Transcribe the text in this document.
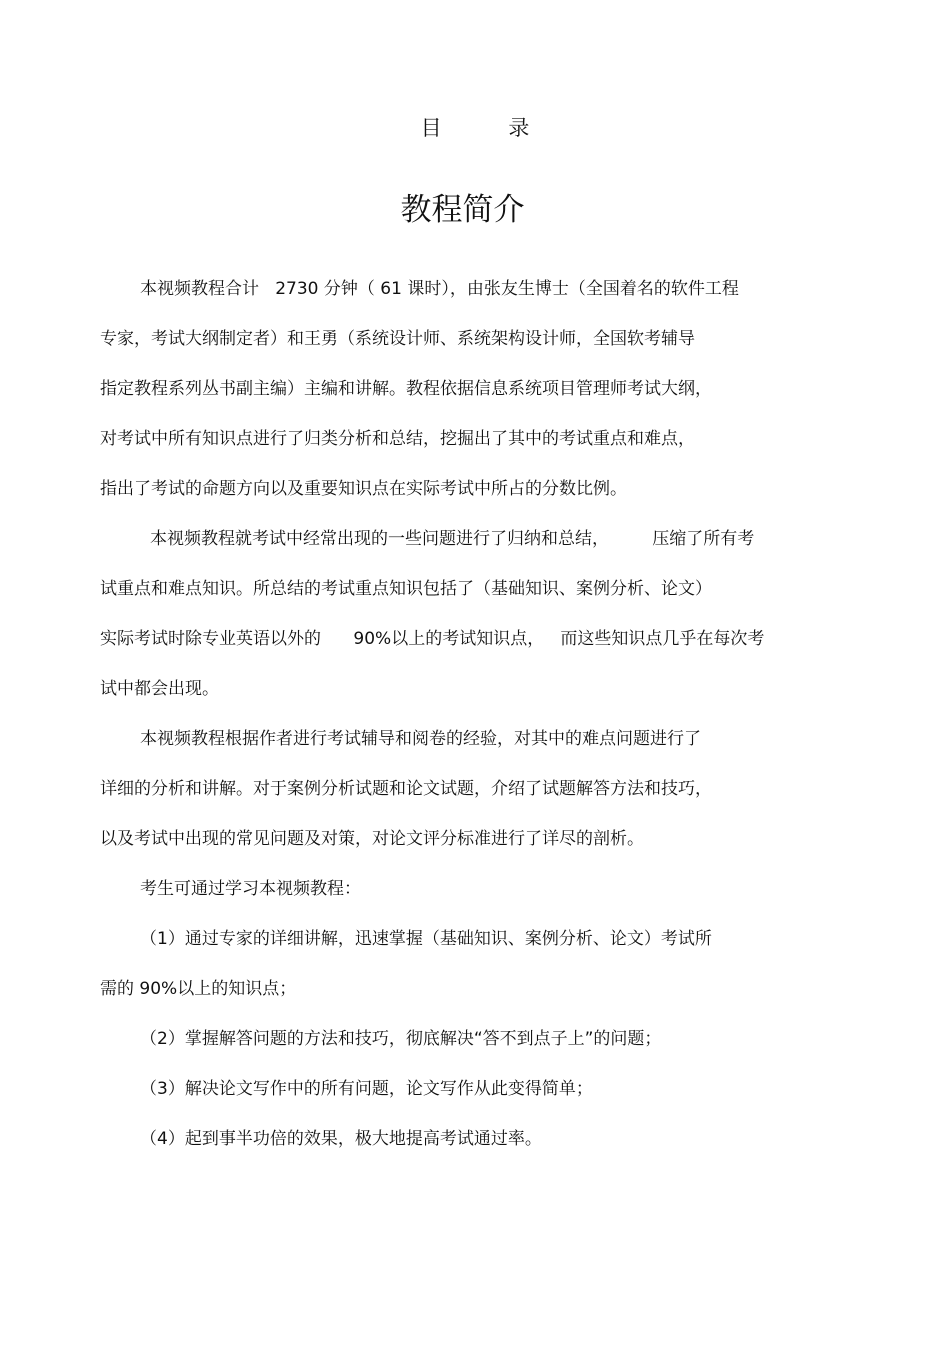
目 录
教程简介
本视频教程合计   2730 分钟（ 61 课时），由张友生博士（全国着名的软件工程
专家，考试大纲制定者）和王勇（系统设计师、系统架构设计师，全国软考辅导
指定教程系列丛书副主编）主编和讲解。教程依据信息系统项目管理师考试大纲，
对考试中所有知识点进行了归类分析和总结，挖掘出了其中的考试重点和难点，
指出了考试的命题方向以及重要知识点在实际考试中所占的分数比例。
本视频教程就考试中经常出现的一些问题进行了归纳和总结，        压缩了所有考
试重点和难点知识。所总结的考试重点知识包括了（基础知识、案例分析、论文）
实际考试时除专业英语以外的      90%以上的考试知识点，   而这些知识点几乎在每次考
试中都会出现。
本视频教程根据作者进行考试辅导和阅卷的经验，对其中的难点问题进行了
详细的分析和讲解。对于案例分析试题和论文试题，介绍了试题解答方法和技巧，
以及考试中出现的常见问题及对策，对论文评分标准进行了详尽的剖析。
考生可通过学习本视频教程：
（1）通过专家的详细讲解，迅速掌握（基础知识、案例分析、论文）考试所
需的 90%以上的知识点；
（2）掌握解答问题的方法和技巧，彻底解决“答不到点子上”的问题；
（3）解决论文写作中的所有问题，论文写作从此变得简单；
（4）起到事半功倍的效果，极大地提高考试通过率。
